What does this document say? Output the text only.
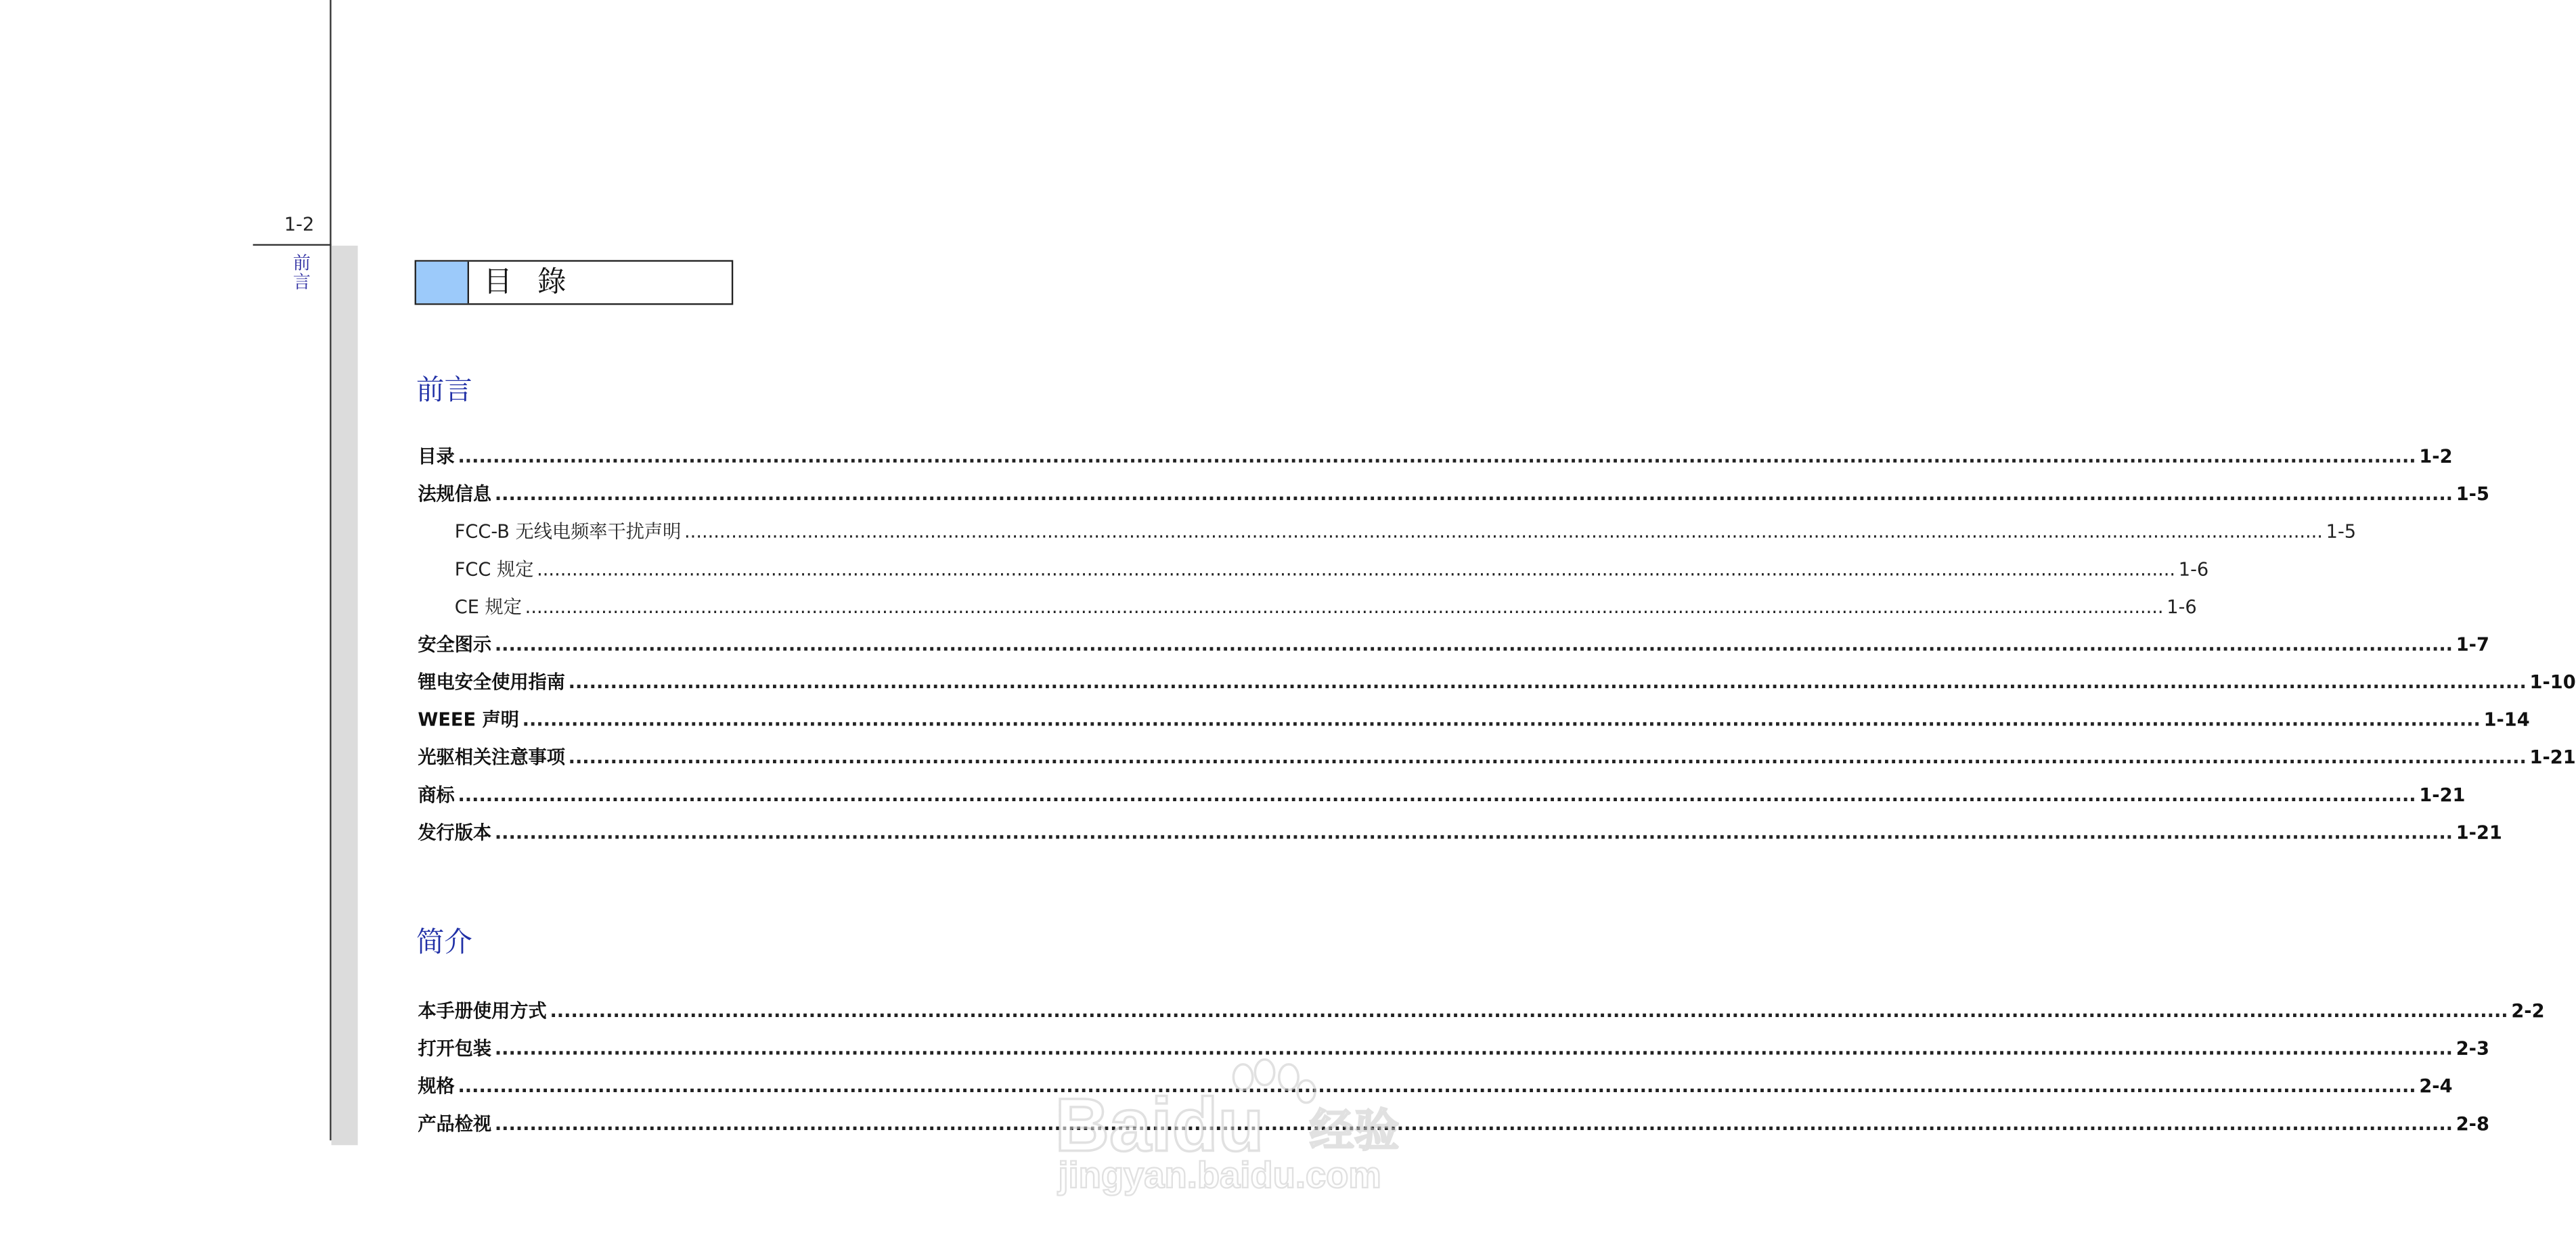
1-2
前言	目 錄
前言
目录 .....	1-2
法规信息 .....	1-5
FCC-B 无线电频率干扰声明 .....	1-5
FCC 规定 .....	1-6
CE 规定 .....	1-6
安全图示 .....	1-7
锂电安全使用指南 .....	1-10
WEEE 声明 .....	1-14
光驱相关注意事项 .....	1-21
商标 .....	1-21
发行版本 .....	1-21
简介
本手册使用方式 .....	2-2
打开包装 .....	2-3
规格 .....	2-4
产品检视 .....	2-8
Baidu 经验
jingyan.baidu.com
